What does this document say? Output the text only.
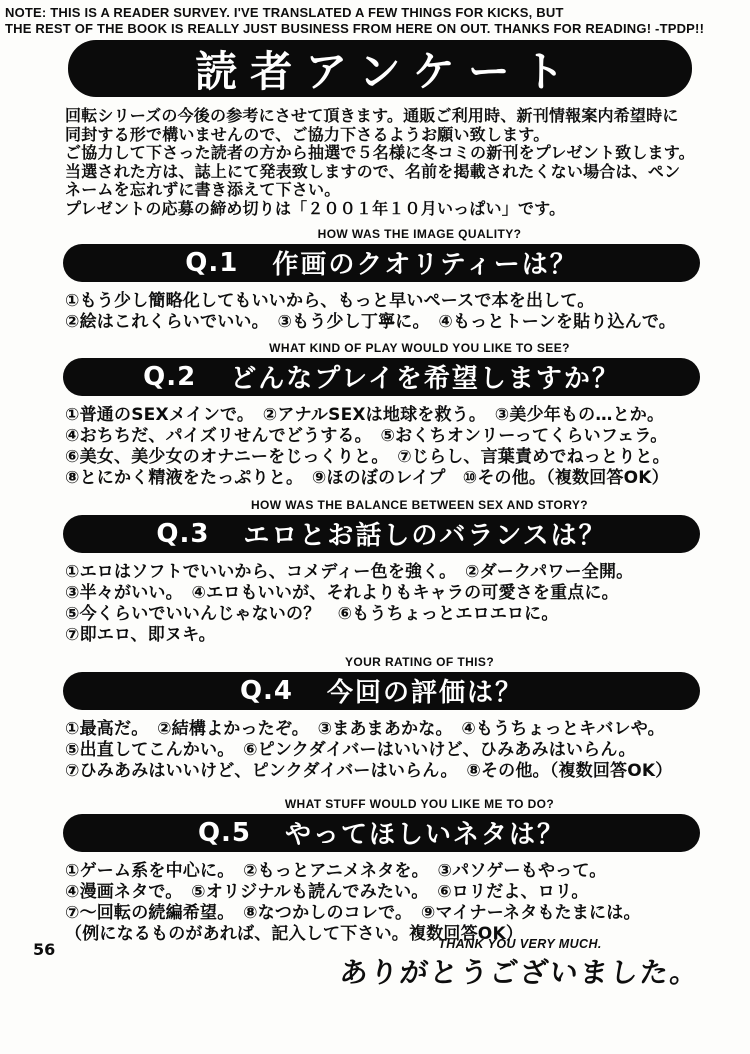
NOTE: THIS IS A READER SURVEY. I'VE TRANSLATED A FEW THINGS FOR KICKS, BUT
THE REST OF THE BOOK IS REALLY JUST BUSINESS FROM HERE ON OUT. THANKS FOR READING! -TPDP!!
読者アンケート
回転シリーズの今後の参考にさせて頂きます。通販ご利用時、新刊情報案内希望時に
同封する形で構いませんので、ご協力下さるようお願い致します。
ご協力して下さった読者の方から抽選で５名様に冬コミの新刊をプレゼント致します。
当選された方は、誌上にて発表致しますので、名前を掲載されたくない場合は、ペン
ネームを忘れずに書き添えて下さい。
プレゼントの応募の締め切りは「２００１年１０月いっぱい」です。
HOW WAS THE IMAGE QUALITY?
Q.1 作画のクオリティーは？
①もう少し簡略化してもいいから、もっと早いペースで本を出して。
②絵はこれくらいでいい。　③もう少し丁寧に。　④もっとトーンを貼り込んで。
WHAT KIND OF PLAY WOULD YOU LIKE TO SEE?
Q.2 どんなプレイを希望しますか？
①普通のSEXメインで。　②アナルSEXは地球を救う。　③美少年もの…とか。
④おちちだ、パイズリせんでどうする。　⑤おくちオンリーってくらいフェラ。
⑥美女、美少女のオナニーをじっくりと。　⑦じらし、言葉責めでねっとりと。
⑧とにかく精液をたっぷりと。　⑨ほのぼのレイプ　⑩その他。（複数回答OK）
HOW WAS THE BALANCE BETWEEN SEX AND STORY?
Q.3 エロとお話しのバランスは？
①エロはソフトでいいから、コメディー色を強く。　②ダークパワー全開。
③半々がいい。　④エロもいいが、それよりもキャラの可愛さを重点に。
⑤今くらいでいいんじゃないの？　⑥もうちょっとエロエロに。
⑦即エロ、即ヌキ。
YOUR RATING OF THIS?
Q.4 今回の評価は？
①最高だ。　②結構よかったぞ。　③まあまあかな。　④もうちょっとキバレや。
⑤出直してこんかい。　⑥ピンクダイバーはいいけど、ひみあみはいらん。
⑦ひみあみはいいけど、ピンクダイバーはいらん。　⑧その他。（複数回答OK）
WHAT STUFF WOULD YOU LIKE ME TO DO?
Q.5 やってほしいネタは？
①ゲーム系を中心に。　②もっとアニメネタを。　③パソゲーもやって。
④漫画ネタで。　⑤オリジナルも読んでみたい。　⑥ロリだよ、ロリ。
⑦～回転の続編希望。　⑧なつかしのコレで。　⑨マイナーネタもたまには。
（例になるものがあれば、記入して下さい。複数回答OK）
THANK YOU VERY MUCH.
ありがとうございました。
56
